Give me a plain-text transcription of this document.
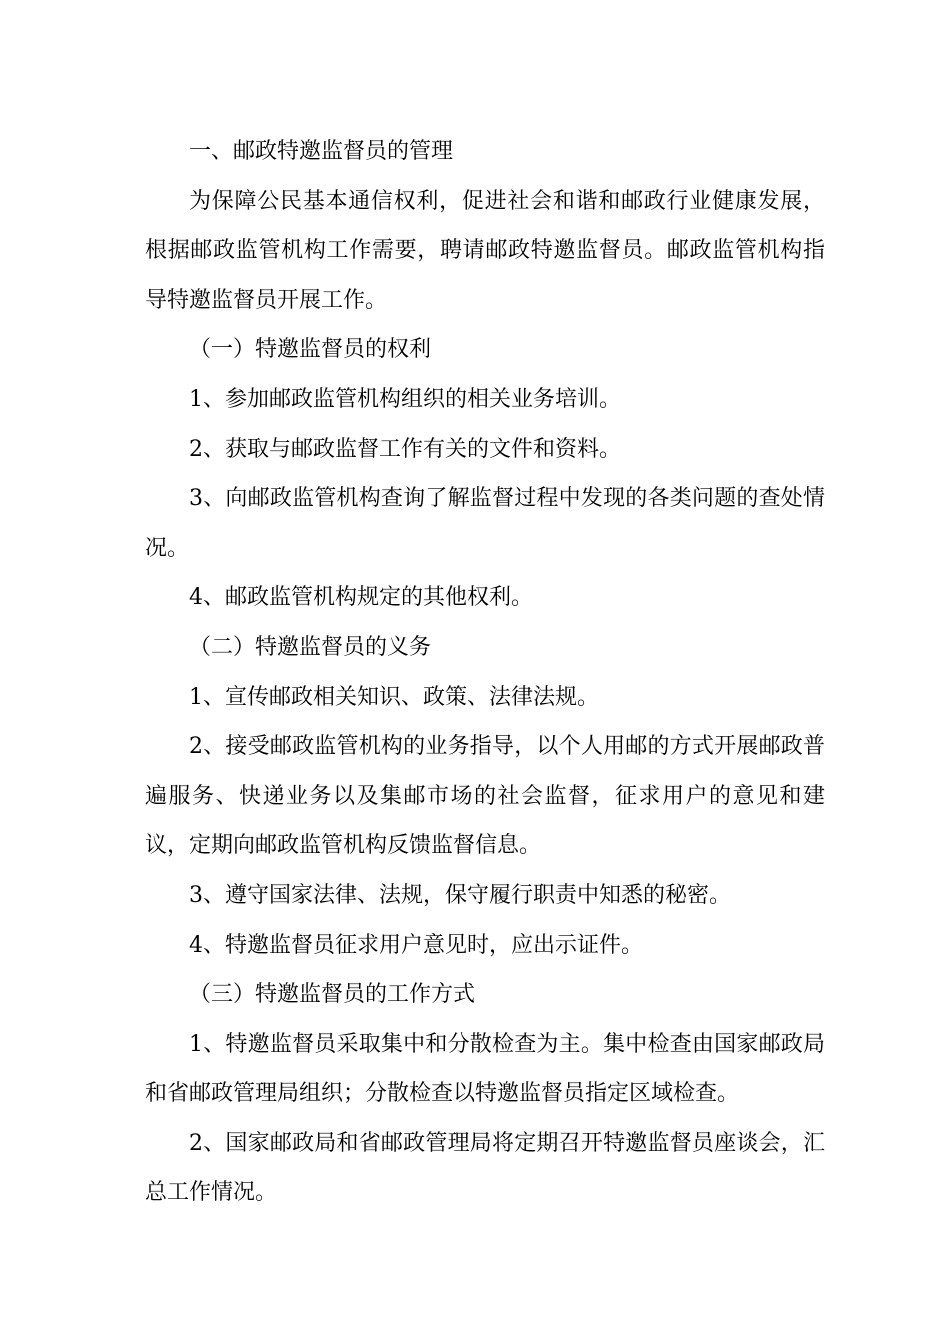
一、邮政特邀监督员的管理

为保障公民基本通信权利，促进社会和谐和邮政行业健康发展，根据邮政监管机构工作需要，聘请邮政特邀监督员。邮政监管机构指导特邀监督员开展工作。

（一）特邀监督员的权利

1、参加邮政监管机构组织的相关业务培训。

2、获取与邮政监督工作有关的文件和资料。

3、向邮政监管机构查询了解监督过程中发现的各类问题的查处情况。

4、邮政监管机构规定的其他权利。

（二）特邀监督员的义务

1、宣传邮政相关知识、政策、法律法规。

2、接受邮政监管机构的业务指导，以个人用邮的方式开展邮政普遍服务、快递业务以及集邮市场的社会监督，征求用户的意见和建议，定期向邮政监管机构反馈监督信息。

3、遵守国家法律、法规，保守履行职责中知悉的秘密。

4、特邀监督员征求用户意见时，应出示证件。

（三）特邀监督员的工作方式

1、特邀监督员采取集中和分散检查为主。集中检查由国家邮政局和省邮政管理局组织；分散检查以特邀监督员指定区域检查。

2、国家邮政局和省邮政管理局将定期召开特邀监督员座谈会，汇总工作情况。
